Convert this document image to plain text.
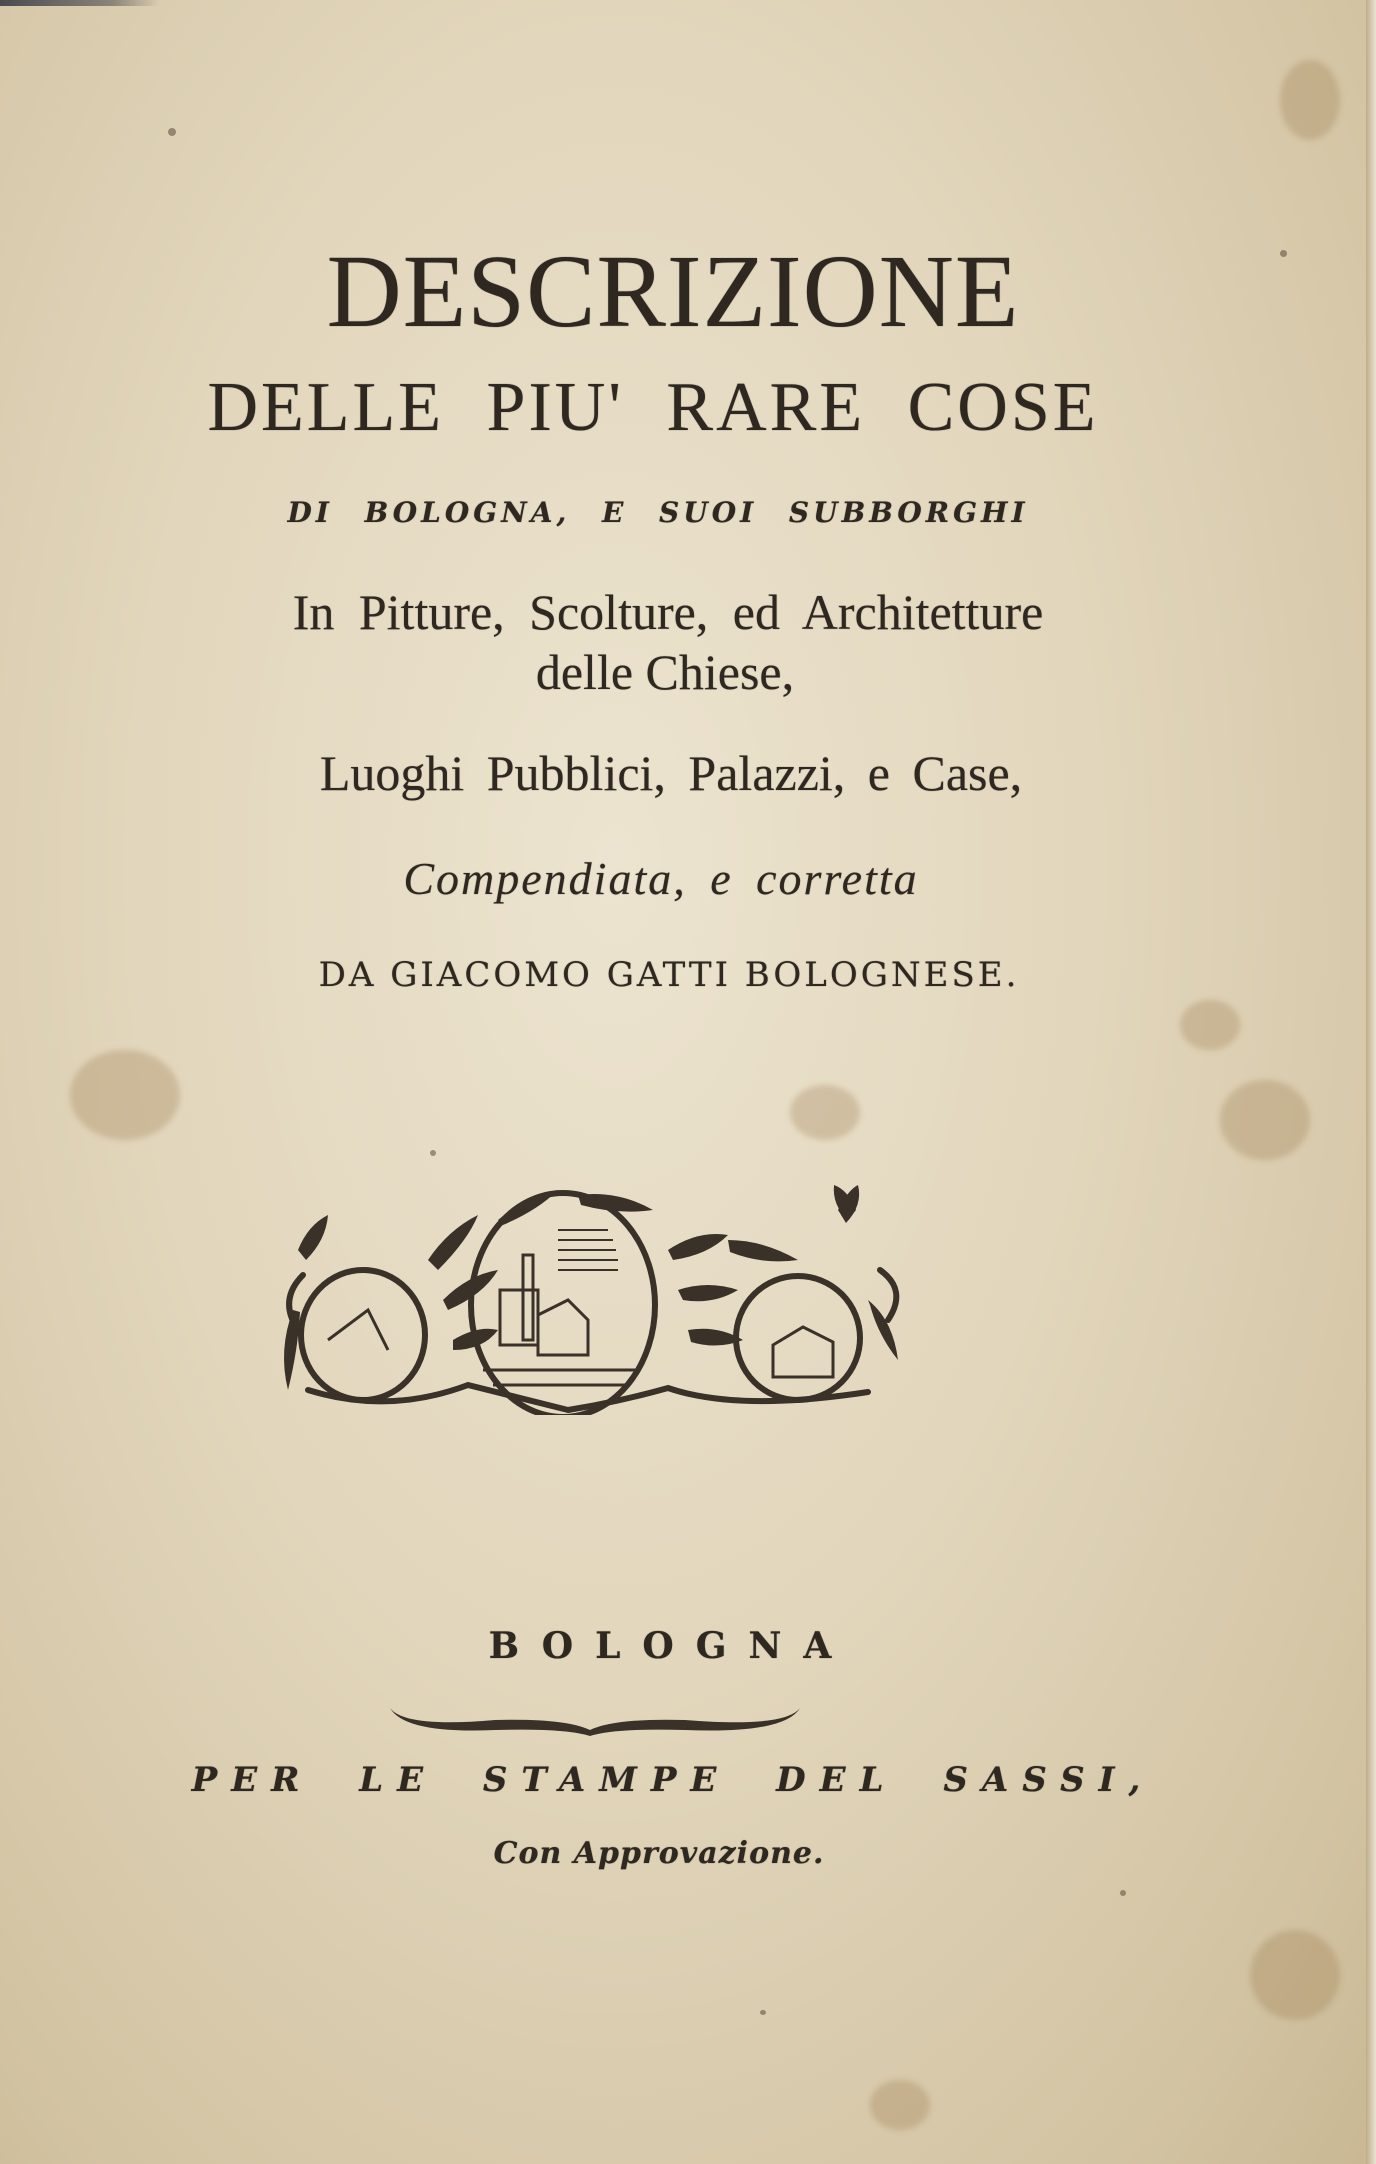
DESCRIZIONE
DELLE PIU' RARE COSE
DI BOLOGNA, E SUOI SUBBORGHI
In Pitture, Scolture, ed Architetture
delle Chiese,
Luoghi Pubblici, Palazzi, e Case,
Compendiata, e corretta
DA GIACOMO GATTI BOLOGNESE.
BOLOGNA
PER LE STAMPE DEL SASSI,
Con Approvazione.
